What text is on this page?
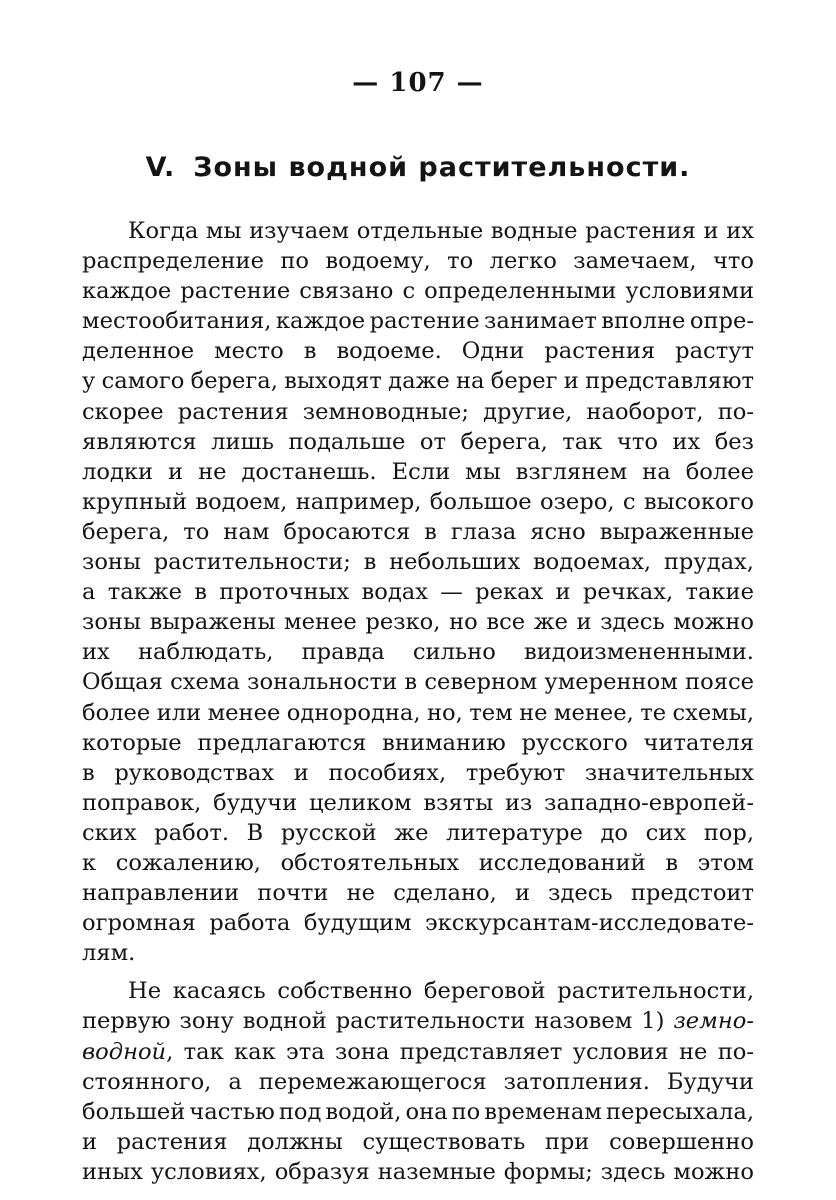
— 107 —
V. Зоны водной растительности.
Когда мы изучаем отдельные водные растения и их
распределение по водоему, то легко замечаем, что
каждое растение связано с определенными условиями
местообитания, каждое растение занимает вполне опре-
деленное место в водоеме. Одни растения растут
у самого берега, выходят даже на берег и представляют
скорее растения земноводные; другие, наоборот, по-
являются лишь подальше от берега, так что их без
лодки и не достанешь. Если мы взглянем на более
крупный водоем, например, большое озеро, с высокого
берега, то нам бросаются в глаза ясно выраженные
зоны растительности; в небольших водоемах, прудах,
а также в проточных водах — реках и речках, такие
зоны выражены менее резко, но все же и здесь можно
их наблюдать, правда сильно видоизмененными.
Общая схема зональности в северном умеренном поясе
более или менее однородна, но, тем не менее, те схемы,
которые предлагаются вниманию русского читателя
в руководствах и пособиях, требуют значительных
поправок, будучи целиком взяты из западно-европей-
ских работ. В русской же литературе до сих пор,
к сожалению, обстоятельных исследований в этом
направлении почти не сделано, и здесь предстоит
огромная работа будущим экскурсантам-исследовате-
лям.
Не касаясь собственно береговой растительности,
первую зону водной растительности назовем 1) земно-
водной, так как эта зона представляет условия не по-
стоянного, а перемежающегося затопления. Будучи
большей частью под водой, она по временам пересыхала,
и растения должны существовать при совершенно
иных условиях, образуя наземные формы; здесь можно
